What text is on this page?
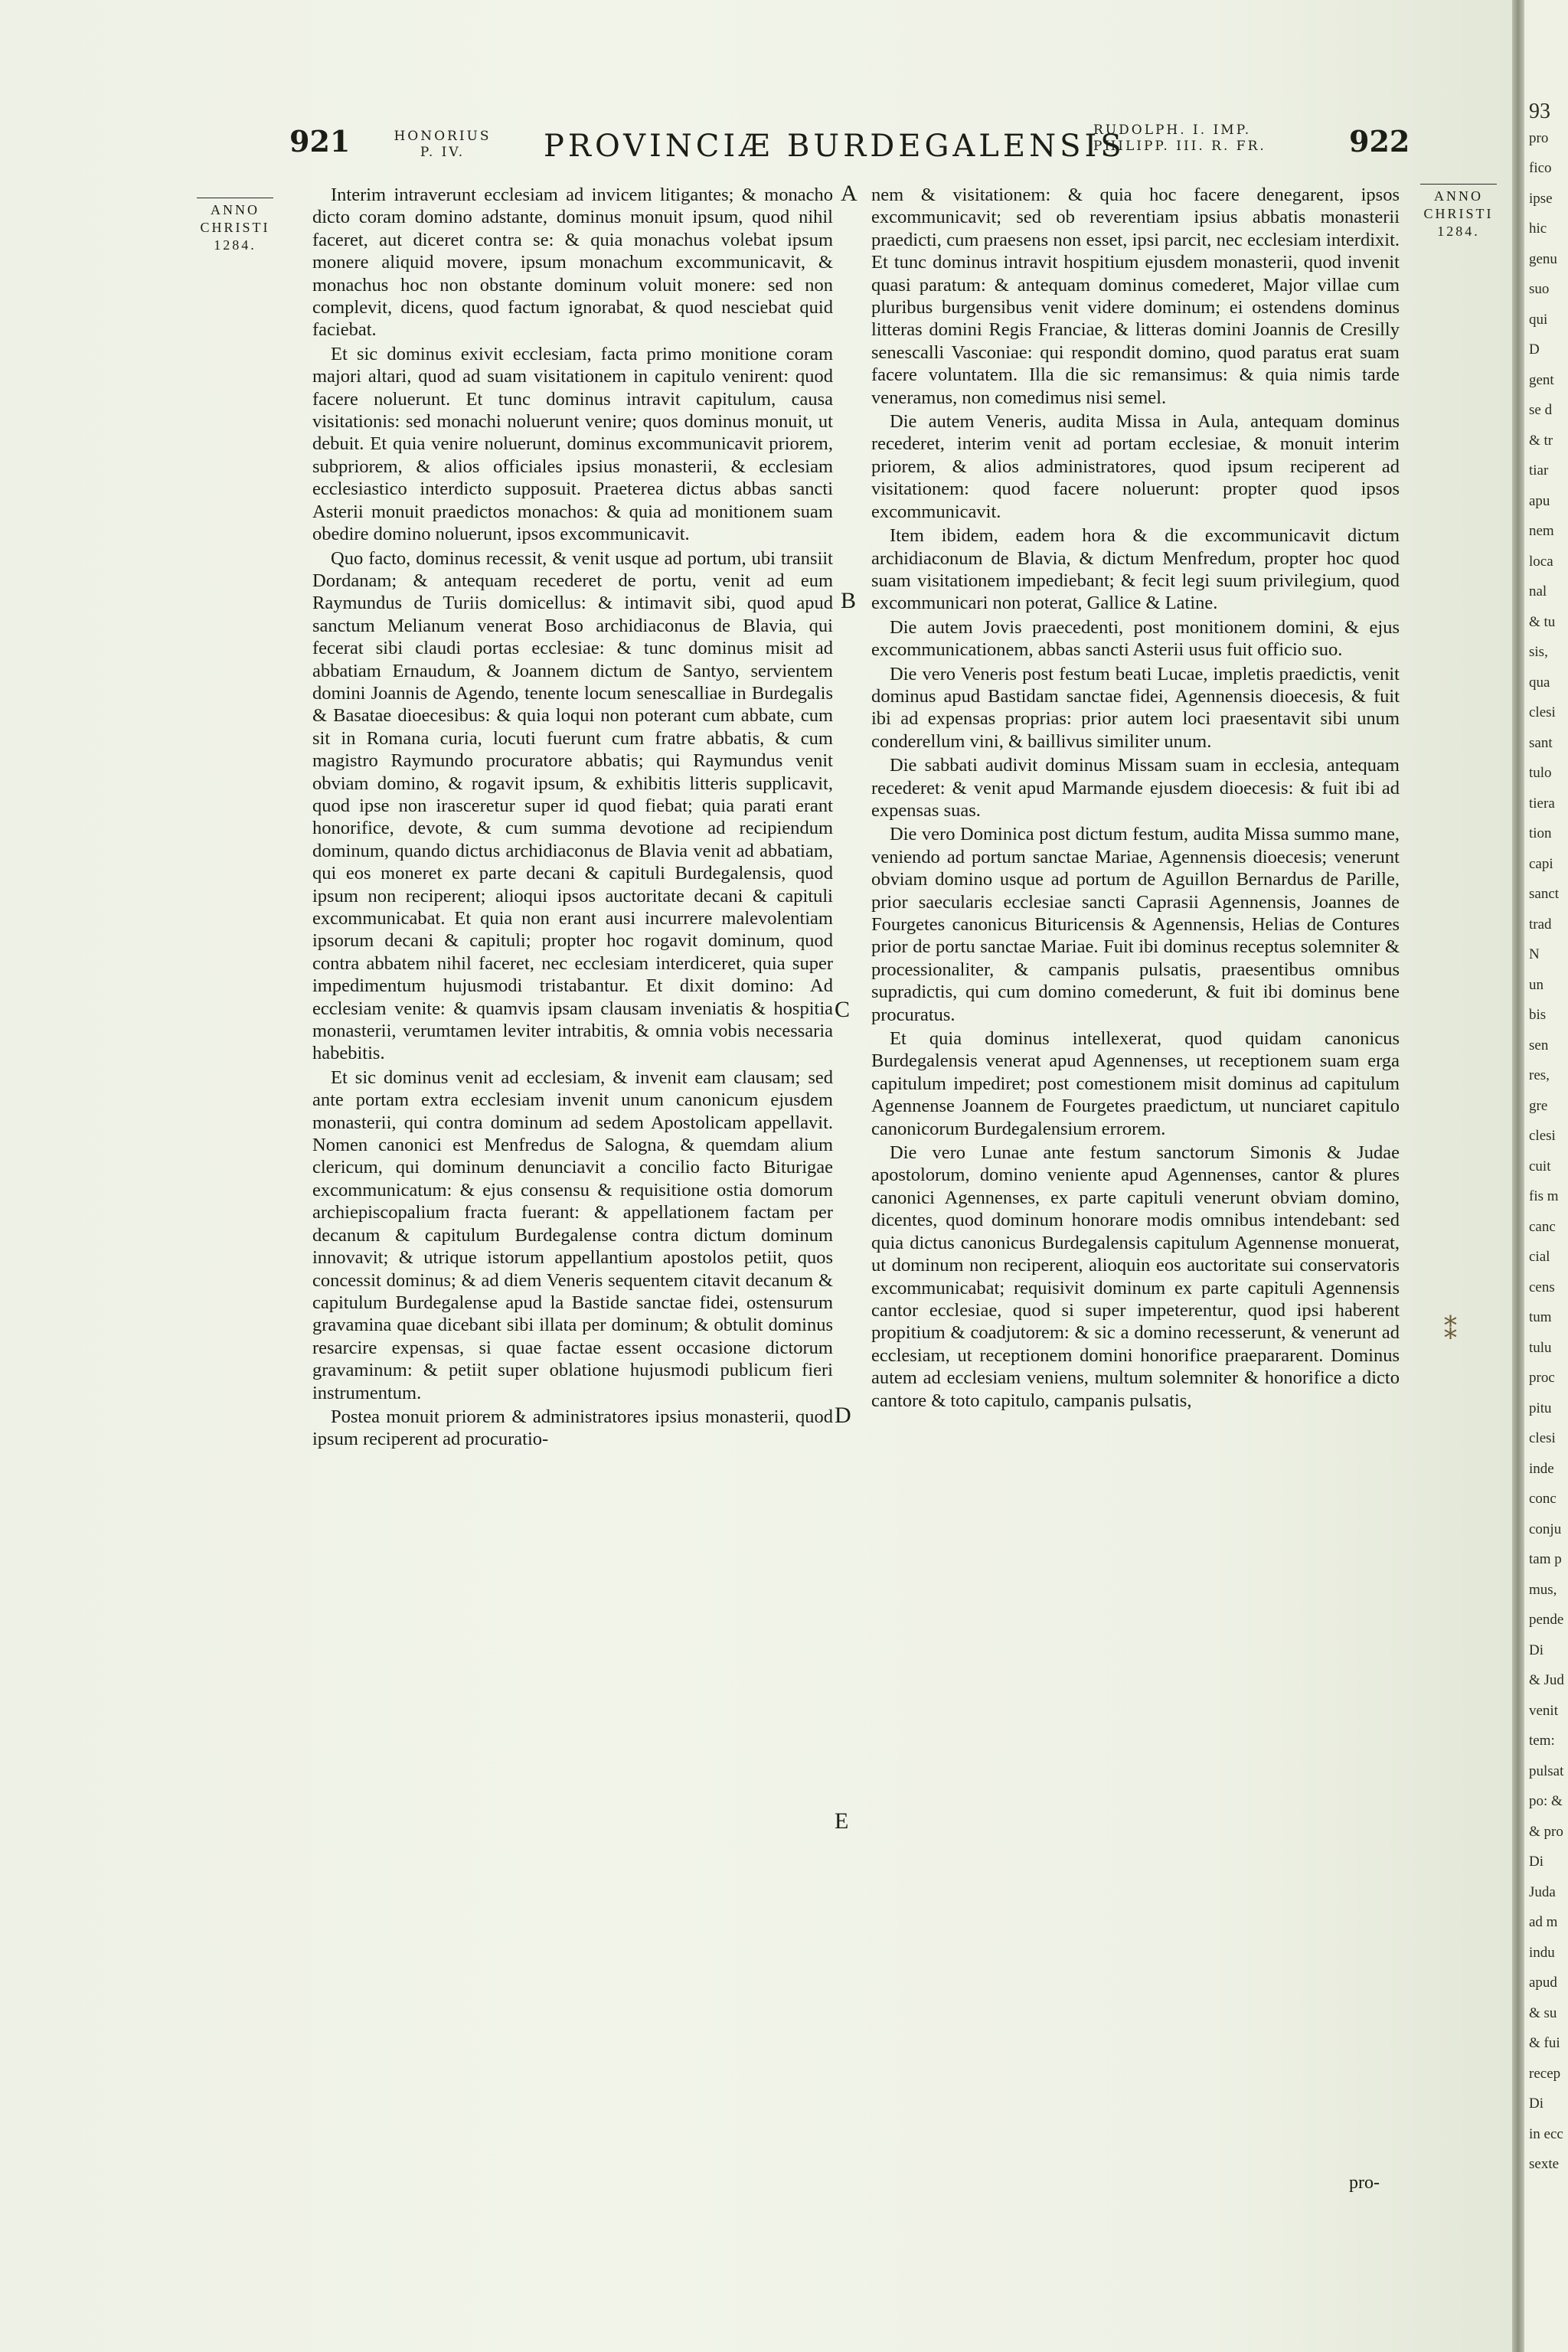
921	HONORIUS
P. IV.	PROVINCIÆ BURDEGALENSIS
RUDOLPH. I. IMP.
PHILIPP. III. R. FR.	922
ANNO
CHRISTI
1284.
ANNO
CHRISTI
1284.
A
B
C
D
E

Interim intraverunt ecclesiam ad invicem litigantes; & monacho dicto coram domino adstante, dominus monuit ipsum, quod nihil faceret, aut diceret contra se: & quia monachus volebat ipsum monere aliquid movere, ipsum monachum excommunicavit, & monachus hoc non obstante dominum voluit monere: sed non complevit, dicens, quod factum ignorabat, & quod nesciebat quid faciebat.

Et sic dominus exivit ecclesiam, facta primo monitione coram majori altari, quod ad suam visitationem in capitulo venirent: quod facere noluerunt. Et tunc dominus intravit capitulum, causa visitationis: sed monachi noluerunt venire; quos dominus monuit, ut debuit. Et quia venire noluerunt, dominus excommunicavit priorem, subpriorem, & alios officiales ipsius monasterii, & ecclesiam ecclesiastico interdicto supposuit. Praeterea dictus abbas sancti Asterii monuit praedictos monachos: & quia ad monitionem suam obedire domino noluerunt, ipsos excommunicavit.

Quo facto, dominus recessit, & venit usque ad portum, ubi transiit Dordanam; & antequam recederet de portu, venit ad eum Raymundus de Turiis domicellus: & intimavit sibi, quod apud sanctum Melianum venerat Boso archidiaconus de Blavia, qui fecerat sibi claudi portas ecclesiae: & tunc dominus misit ad abbatiam Ernaudum, & Joannem dictum de Santyo, servientem domini Joannis de Agendo, tenente locum senescalliae in Burdegalis & Basatae dioecesibus: & quia loqui non poterant cum abbate, cum sit in Romana curia, locuti fuerunt cum fratre abbatis, & cum magistro Raymundo procuratore abbatis; qui Raymundus venit obviam domino, & rogavit ipsum, & exhibitis litteris supplicavit, quod ipse non irasceretur super id quod fiebat; quia parati erant honorifice, devote, & cum summa devotione ad recipiendum dominum, quando dictus archidiaconus de Blavia venit ad abbatiam, qui eos moneret ex parte decani & capituli Burdegalensis, quod ipsum non reciperent; alioqui ipsos auctoritate decani & capituli excommunicabat. Et quia non erant ausi incurrere malevolentiam ipsorum decani & capituli; propter hoc rogavit dominum, quod contra abbatem nihil faceret, nec ecclesiam interdiceret, quia super impedimentum hujusmodi tristabantur. Et dixit domino: Ad ecclesiam venite: & quamvis ipsam clausam inveniatis & hospitia monasterii, verumtamen leviter intrabitis, & omnia vobis necessaria habebitis.

Et sic dominus venit ad ecclesiam, & invenit eam clausam; sed ante portam extra ecclesiam invenit unum canonicum ejusdem monasterii, qui contra dominum ad sedem Apostolicam appellavit. Nomen canonici est Menfredus de Salogna, & quemdam alium clericum, qui dominum denunciavit a concilio facto Biturigae excommunicatum: & ejus consensu & requisitione ostia domorum archiepiscopalium fracta fuerant: & appellationem factam per decanum & capitulum Burdegalense contra dictum dominum innovavit; & utrique istorum appellantium apostolos petiit, quos concessit dominus; & ad diem Veneris sequentem citavit decanum & capitulum Burdegalense apud la Bastide sanctae fidei, ostensurum gravamina quae dicebant sibi illata per dominum; & obtulit dominus resarcire expensas, si quae factae essent occasione dictorum gravaminum: & petiit super oblatione hujusmodi publicum fieri instrumentum.

Postea monuit priorem & administratores ipsius monasterii, quod ipsum reciperent ad procuratio-

nem & visitationem: & quia hoc facere denegarent, ipsos excommunicavit; sed ob reverentiam ipsius abbatis monasterii praedicti, cum praesens non esset, ipsi parcit, nec ecclesiam interdixit. Et tunc dominus intravit hospitium ejusdem monasterii, quod invenit quasi paratum: & antequam dominus comederet, Major villae cum pluribus burgensibus venit videre dominum; ei ostendens dominus litteras domini Regis Franciae, & litteras domini Joannis de Cresilly senescalli Vasconiae: qui respondit domino, quod paratus erat suam facere voluntatem. Illa die sic remansimus: & quia nimis tarde veneramus, non comedimus nisi semel.

Die autem Veneris, audita Missa in Aula, antequam dominus recederet, interim venit ad portam ecclesiae, & monuit interim priorem, & alios administratores, quod ipsum reciperent ad visitationem: quod facere noluerunt: propter quod ipsos excommunicavit.

Item ibidem, eadem hora & die excommunicavit dictum archidiaconum de Blavia, & dictum Menfredum, propter hoc quod suam visitationem impediebant; & fecit legi suum privilegium, quod excommunicari non poterat, Gallice & Latine.

Die autem Jovis praecedenti, post monitionem domini, & ejus excommunicationem, abbas sancti Asterii usus fuit officio suo.

Die vero Veneris post festum beati Lucae, impletis praedictis, venit dominus apud Bastidam sanctae fidei, Agennensis dioecesis, & fuit ibi ad expensas proprias: prior autem loci praesentavit sibi unum conderellum vini, & baillivus similiter unum.

Die sabbati audivit dominus Missam suam in ecclesia, antequam recederet: & venit apud Marmande ejusdem dioecesis: & fuit ibi ad expensas suas.

Die vero Dominica post dictum festum, audita Missa summo mane, veniendo ad portum sanctae Mariae, Agennensis dioecesis; venerunt obviam domino usque ad portum de Aguillon Bernardus de Parille, prior saecularis ecclesiae sancti Caprasii Agennensis, Joannes de Fourgetes canonicus Bituricensis & Agennensis, Helias de Contures prior de portu sanctae Mariae. Fuit ibi dominus receptus solemniter & processionaliter, & campanis pulsatis, praesentibus omnibus supradictis, qui cum domino comederunt, & fuit ibi dominus bene procuratus.

Et quia dominus intellexerat, quod quidam canonicus Burdegalensis venerat apud Agennenses, ut receptionem suam erga capitulum impediret; post comestionem misit dominus ad capitulum Agennense Joannem de Fourgetes praedictum, ut nunciaret capitulo canonicorum Burdegalensium errorem.

Die vero Lunae ante festum sanctorum Simonis & Judae apostolorum, domino veniente apud Agennenses, cantor & plures canonici Agennenses, ex parte capituli venerunt obviam domino, dicentes, quod dominum honorare modis omnibus intendebant: sed quia dictus canonicus Burdegalensis capitulum Agennense monuerat, ut dominum non reciperent, alioquin eos auctoritate sui conservatoris excommunicabat; requisivit dominum ex parte capituli Agennensis cantor ecclesiae, quod si super impeterentur, quod ipsi haberent propitium & coadjutorem: & sic a domino recesserunt, & venerunt ad ecclesiam, ut receptionem domini honorifice praepararent. Dominus autem ad ecclesiam veniens, multum solemniter & honorifice a dicto cantore & toto capitulo, campanis pulsatis,

pro-
⁑
93
pro
fico
ipse
hic
genu
suo
qui
D
gent
se d
& tr
tiar
apu
nem
loca
nal
& tu
sis,
qua
clesi
sant
tulo
tiera
tion
capi
sanct
trad
N
un
bis
sen
res,
gre
clesi
cuit
fis m
canc
cial
cens
tum
tulu
proc
pitu
clesi
inde
conc
conju
tam p
mus,
pende
Di
& Jud
venit
tem:
pulsat
po: &
& pro
Di
Juda
ad m
indu
apud
& su
& fui
recep
Di
in ecc
sexte
